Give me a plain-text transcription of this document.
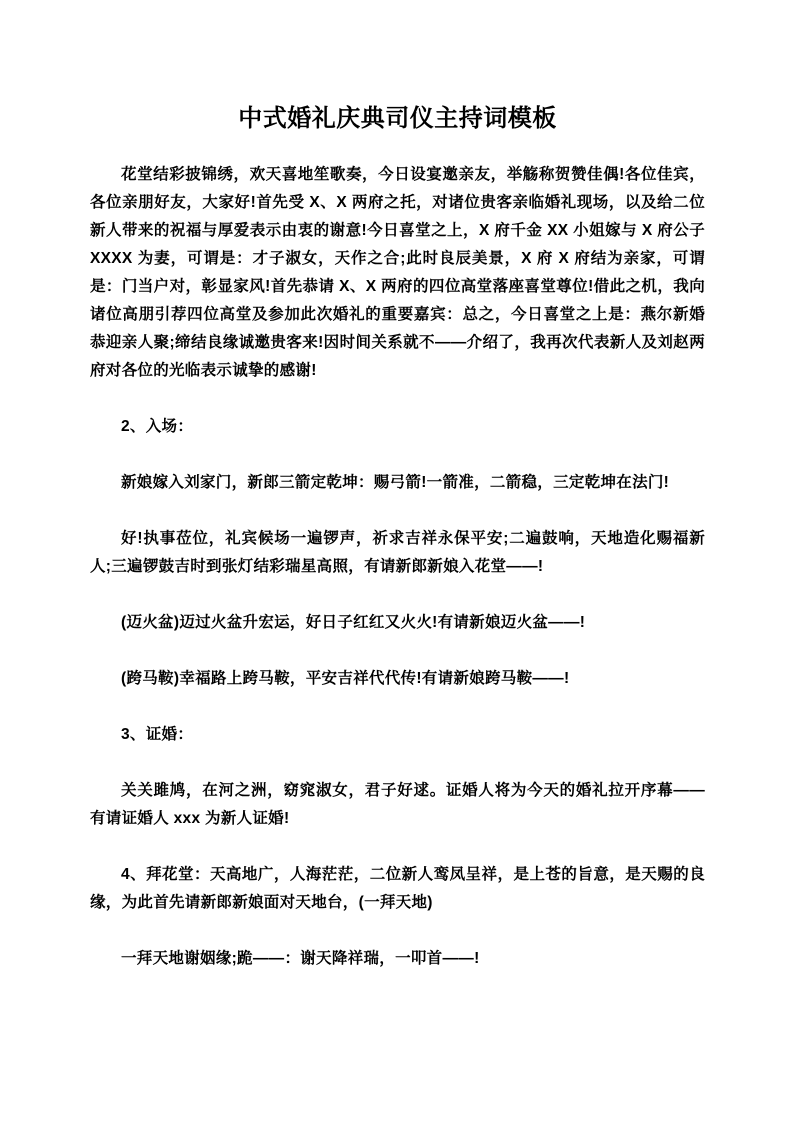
中式婚礼庆典司仪主持词模板

花堂结彩披锦绣，欢天喜地笙歌奏，今日设宴邀亲友，举觞称贺赞佳偶!各位佳宾，各位亲朋好友，大家好!首先受 X、X 两府之托，对诸位贵客亲临婚礼现场，以及给二位新人带来的祝福与厚爱表示由衷的谢意!今日喜堂之上，X 府千金 XX 小姐嫁与 X 府公子 XXXX 为妻，可谓是：才子淑女，天作之合;此时良辰美景，X 府 X 府结为亲家，可谓是：门当户对，彰显家风!首先恭请 X、X 两府的四位高堂落座喜堂尊位!借此之机，我向诸位高朋引荐四位高堂及参加此次婚礼的重要嘉宾：总之，今日喜堂之上是：燕尔新婚恭迎亲人聚;缔结良缘诚邀贵客来!因时间关系就不——介绍了，我再次代表新人及刘赵两府对各位的光临表示诚挚的感谢!

2、入场：

新娘嫁入刘家门，新郎三箭定乾坤：赐弓箭!一箭准，二箭稳，三定乾坤在法门!

好!执事莅位，礼宾候场一遍锣声，祈求吉祥永保平安;二遍鼓响，天地造化赐福新人;三遍锣鼓吉时到张灯结彩瑞星高照，有请新郎新娘入花堂——!

(迈火盆)迈过火盆升宏运，好日子红红又火火!有请新娘迈火盆——!

(跨马鞍)幸福路上跨马鞍，平安吉祥代代传!有请新娘跨马鞍——!

3、证婚：

关关雎鸠，在河之洲，窈窕淑女，君子好逑。证婚人将为今天的婚礼拉开序幕——有请证婚人 xxx 为新人证婚!

4、拜花堂：天高地广，人海茫茫，二位新人鸾凤呈祥，是上苍的旨意，是天赐的良缘，为此首先请新郎新娘面对天地台，(一拜天地)

一拜天地谢姻缘;跪——：谢天降祥瑞，一叩首——!
